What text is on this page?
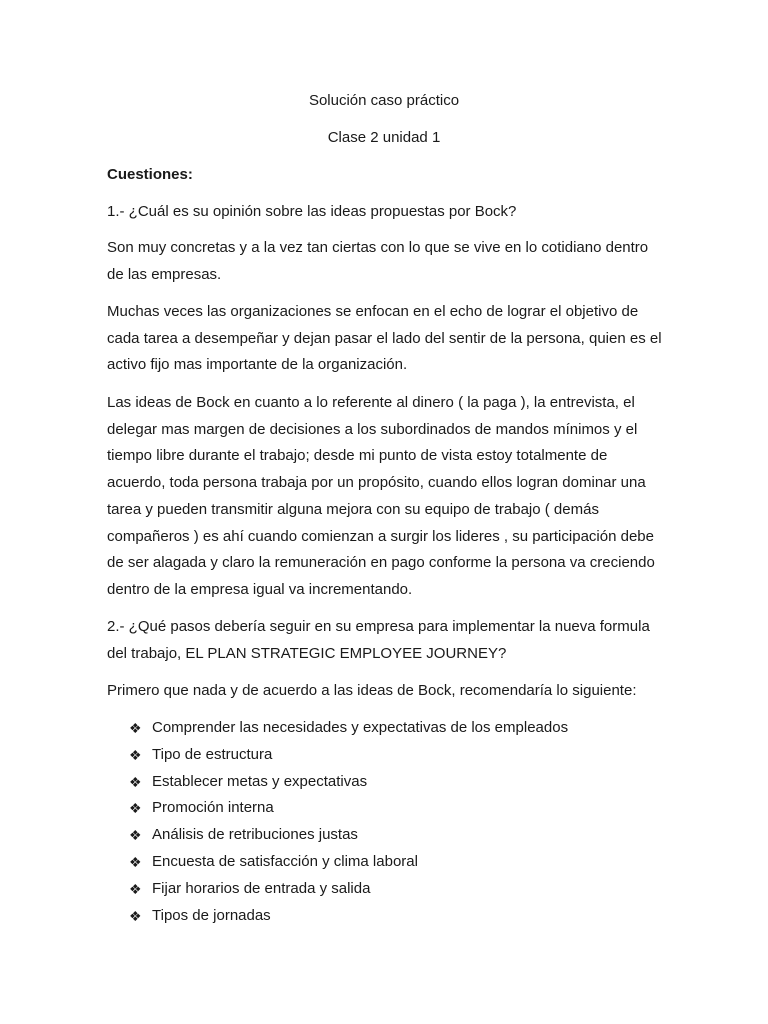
Solución caso práctico
Clase 2 unidad 1
Cuestiones:

1.- ¿Cuál es su opinión sobre las ideas propuestas por Bock?

Son muy concretas y a la vez tan ciertas con lo que se vive en lo cotidiano dentro de las empresas.

Muchas veces las organizaciones se enfocan en el echo de lograr el objetivo de cada tarea a desempeñar y dejan pasar el lado del sentir de la persona, quien es el activo fijo mas importante de la organización.

Las ideas de Bock en cuanto a lo referente al dinero ( la paga ), la entrevista, el delegar mas margen de decisiones a los subordinados de mandos mínimos y el tiempo libre durante el trabajo; desde mi punto de vista estoy totalmente de acuerdo, toda persona trabaja por un propósito, cuando ellos logran dominar una tarea y pueden transmitir alguna mejora con su equipo de trabajo ( demás compañeros ) es ahí cuando comienzan a surgir los lideres , su participación debe de ser alagada y claro la remuneración en pago conforme la persona va creciendo dentro de la empresa igual va incrementando.

2.- ¿Qué pasos debería seguir en su empresa para implementar la nueva formula del trabajo, EL PLAN STRATEGIC EMPLOYEE JOURNEY?

Primero que nada y de acuerdo a las ideas de Bock, recomendaría lo siguiente:

❖ Comprender las necesidades y expectativas de los empleados
❖ Tipo de estructura
❖ Establecer metas y expectativas
❖ Promoción interna
❖ Análisis de retribuciones justas
❖ Encuesta de satisfacción y clima laboral
❖ Fijar horarios de entrada y salida
❖ Tipos de jornadas
